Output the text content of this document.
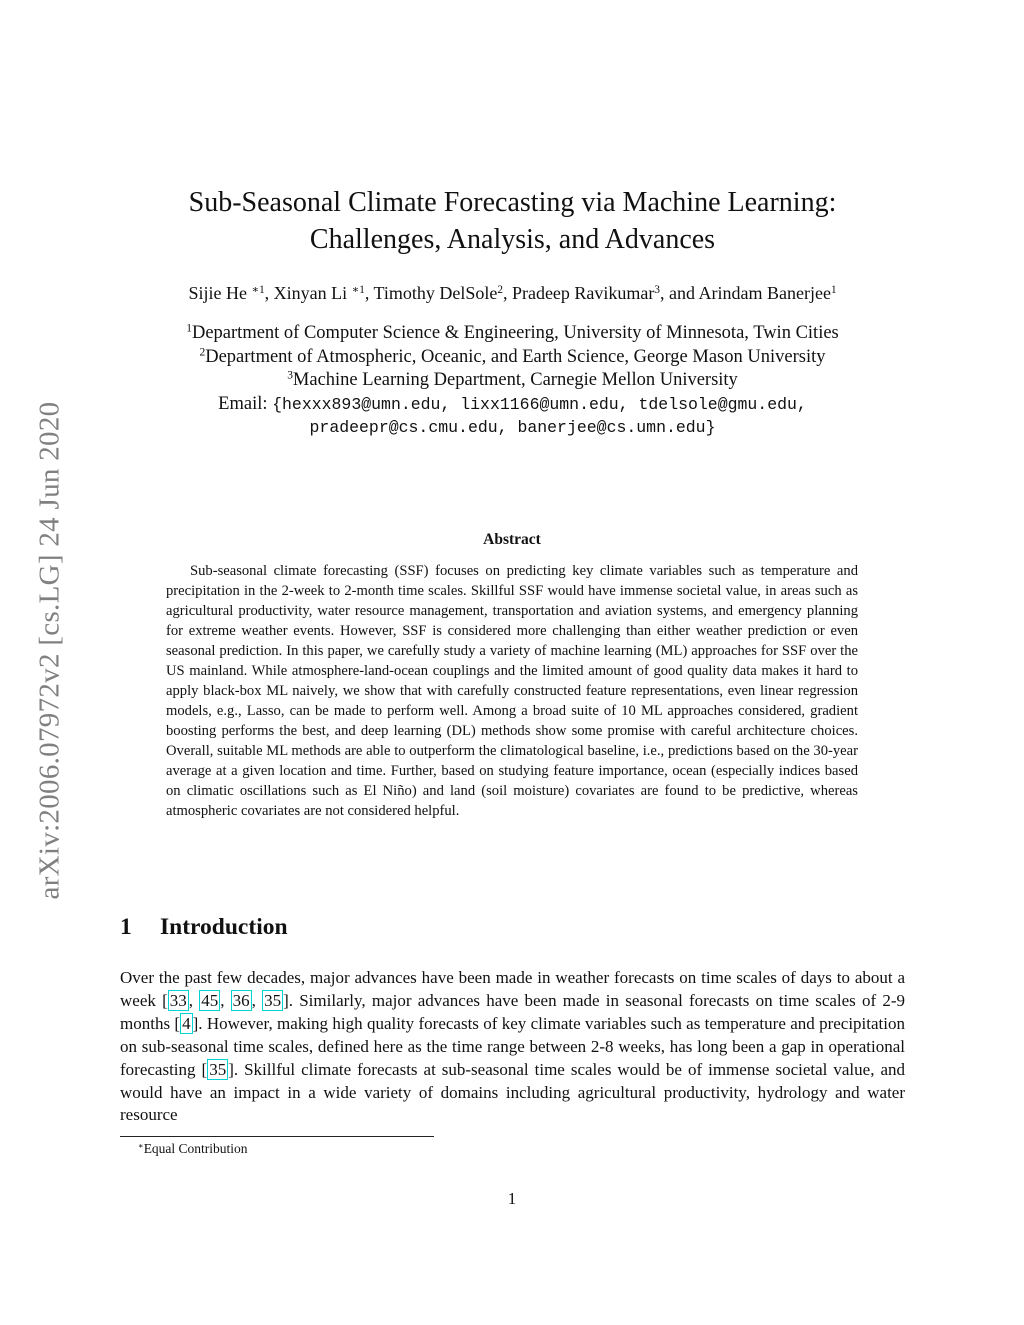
arXiv:2006.07972v2 [cs.LG] 24 Jun 2020
Sub-Seasonal Climate Forecasting via Machine Learning:
Challenges, Analysis, and Advances
Sijie He $^{∗1}$, Xinyan Li $^{∗1}$, Timothy DelSole$^2$, Pradeep Ravikumar$^3$, and Arindam Banerjee$^1$
$^1$Department of Computer Science & Engineering, University of Minnesota, Twin Cities
$^2$Department of Atmospheric, Oceanic, and Earth Science, George Mason University
$^3$Machine Learning Department, Carnegie Mellon University
Email: {hexxx893@umn.edu, lixx1166@umn.edu, tdelsole@gmu.edu,
pradeepr@cs.cmu.edu, banerjee@cs.umn.edu}
Abstract

Sub-seasonal climate forecasting (SSF) focuses on predicting key climate variables such as temperature and precipitation in the 2-week to 2-month time scales. Skillful SSF would have immense societal value, in areas such as agricultural productivity, water resource management, transportation and aviation systems, and emergency planning for extreme weather events. However, SSF is considered more challenging than either weather prediction or even seasonal prediction. In this paper, we carefully study a variety of machine learning (ML) approaches for SSF over the US mainland. While atmosphere-land-ocean couplings and the limited amount of good quality data makes it hard to apply black-box ML naively, we show that with carefully constructed feature representations, even linear regression models, e.g., Lasso, can be made to perform well. Among a broad suite of 10 ML approaches considered, gradient boosting performs the best, and deep learning (DL) methods show some promise with careful architecture choices. Overall, suitable ML methods are able to outperform the climatological baseline, i.e., predictions based on the 30-year average at a given location and time. Further, based on studying feature importance, ocean (especially indices based on climatic oscillations such as El Niño) and land (soil moisture) covariates are found to be predictive, whereas atmospheric covariates are not considered helpful.

1 Introduction

Over the past few decades, major advances have been made in weather forecasts on time scales of days to about a week [ 33 , 45 , 36 , 35 ]. Similarly, major advances have been made in seasonal forecasts on time scales of 2-9 months [ 4 ]. However, making high quality forecasts of key climate variables such as temperature and precipitation on sub-seasonal time scales, defined here as the time range between 2-8 weeks, has long been a gap in operational forecasting [ 35 ]. Skillful climate forecasts at sub-seasonal time scales would be of immense societal value, and would have an impact in a wide variety of domains including agricultural productivity, hydrology and water resource

∗Equal Contribution
1
